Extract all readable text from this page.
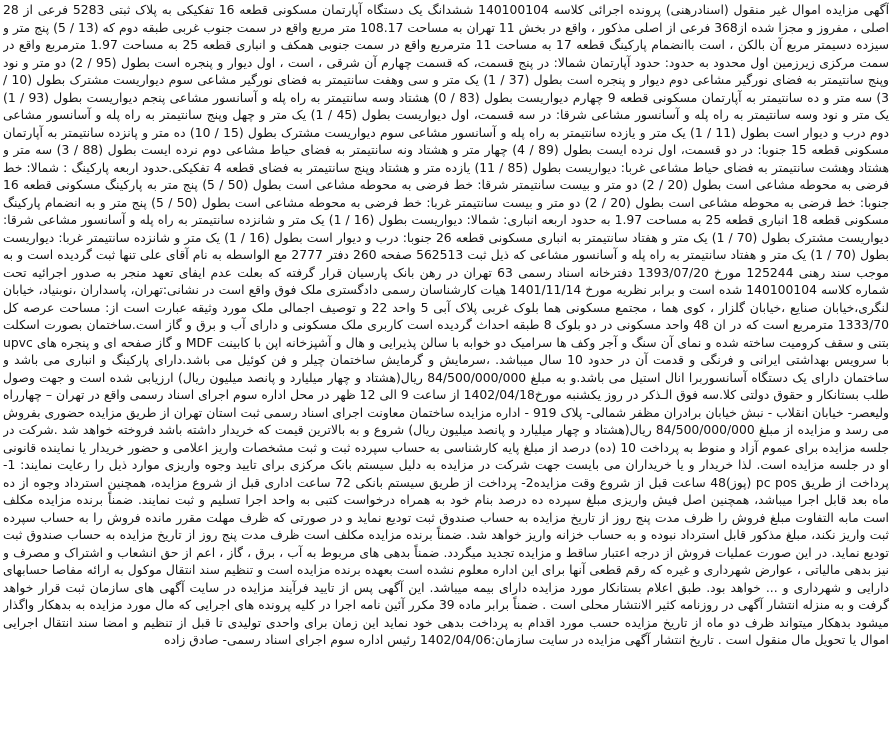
آگهی مزایده اموال غیر منقول (اسنادرهنی) پرونده اجرائی کلاسه 140100104 ششدانگ یک دستگاه آپارتمان مسکونی قطعه 16 تفکیکی به پلاک ثبتی 5283 فرعی از 28 اصلی ، مفروز و مجزا شده از368 فرعی از اصلی مذکور ، واقع در بخش 11 تهران به مساحت 108.17 متر مربع واقع در سمت جنوب غربی طبقه دوم که (13 / 5) پنج متر و سیزده دسیمتر مربع آن بالکن ، است باانضمام پارکینگ قطعه 17 به مساحت 11 مترمربع واقع در سمت جنوبی همکف و انباری قطعه 25 به مساحت 1.97 مترمربع واقع در سمت مرکزی زیرزمین اول محدود به حدود: حدود آپارتمان شمالا: در پنج قسمت، که قسمت چهارم آن شرقی ، است ، اول دیوار و پنجره است بطول (95 / 2) دو متر و نود وپنج سانتیمتر به فضای نورگیر مشاعی دوم دیوار و پنجره است بطول (37 / 1) یک متر و سی وهفت سانتیمتر به فضای نورگیر مشاعی سوم دیواریست مشترک بطول (10 / 3) سه متر و ده سانتیمتر به آپارتمان مسکونی قطعه 9 چهارم دیواریست بطول (83 / 0) هشتاد وسه سانتیمتر به راه پله و آسانسور مشاعی پنجم دیواریست بطول (93 / 1) یک متر و نود وسه سانتیمتر به راه پله و آسانسور مشاعی شرقا: در سه قسمت، اول دیواریست بطول (45 / 1) یک متر و چهل وپنج سانتیمتر به راه پله و آسانسور مشاعی دوم درب و دیوار است بطول (11 / 1) یک متر و یازده سانتیمتر به راه پله و آسانسور مشاعی سوم دیواریست مشترک بطول (15 / 10) ده متر و پانزده سانتیمتر به آپارتمان مسکونی قطعه 15 جنوبا: در دو قسمت، اول نرده ایست بطول (89 / 4) چهار متر و هشتاد ونه سانتیمتر به فضای حیاط مشاعی دوم نرده ایست بطول (88 / 3) سه متر و هشتاد وهشت سانتیمتر به فضای حیاط مشاعی غربا: دیواریست بطول (85 / 11) یازده متر و هشتاد وپنج سانتیمتر به فضای قطعه 4 تفکیکی.حدود اربعه پارکینگ : شمالا: خط فرضی به محوطه مشاعی است بطول (20 / 2) دو متر و بیست سانتیمتر شرقا: خط فرضی به محوطه مشاعی است بطول (50 / 5) پنج متر به پارکینگ مسکونی قطعه 16 جنوبا: خط فرضی به محوطه مشاعی است بطول (20 / 2) دو متر و بیست سانتیمتر غربا: خط فرضی به محوطه مشاعی است بطول (50 / 5) پنج متر و به انضمام پارکینگ مسکونی قطعه 18 انباری قطعه 25 به مساحت 1.97 به حدود اربعه انباری: شمالا: دیواریست بطول (16 / 1) یک متر و شانزده سانتیمتر به راه پله و آسانسور مشاعی شرقا: دیواریست مشترک بطول (70 / 1) یک متر و هفتاد سانتیمتر به انباری مسکونی قطعه 26 جنوبا: درب و دیوار است بطول (16 / 1) یک متر و شانزده سانتیمتر غربا: دیواریست بطول (70 / 1) یک متر و هفتاد سانتیمتر به راه پله و آسانسور مشاعی که ذیل ثبت 562513 صفحه 260 دفتر 2777 مع الواسطه به نام آقای علی تنها ثبت گردیده است و به موجب سند رهنی 125244 مورخ 1393/07/20 دفترخانه اسناد رسمی 63 تهران در رهن بانک پارسیان قرار گرفته که بعلت عدم ایفای تعهد منجر به صدور اجرائیه تحت شماره کلاسه 140100104 شده است و برابر نظریه مورخ 1401/11/14 هیات کارشناسان رسمی دادگستری ملک فوق واقع است در نشانی:تهران، پاسداران ،نوبنیاد، خیابان لنگری،خیابان صنایع ،خیابان گلزار ، کوی هما ، مجتمع مسکونی هما بلوک غربی پلاک آبی 5 واحد 22 و توصیف اجمالی ملک مورد وثیقه عبارت است از: مساحت عرصه کل 1333/70 مترمربع است که در ان 48 واحد مسکونی در دو بلوک 8 طبقه احداث گردیده است کاربری ملک مسکونی و دارای آب و برق و گاز است.ساختمان بصورت اسکلت بتنی و سقف کرومیت ساخته شده و نمای آن سنگ و آجر وکف ها سرامیک دو خوابه با سالن پذیرایی و هال و آشپزخانه اپن با کابینت MDF و گاز صفحه ای و پنجره های upvc با سرویس بهداشتی ایرانی و فرنگی و قدمت آن در حدود 10 سال میباشد. ،سرمایش و گرمایش ساختمان چیلر و فن کوئیل می باشد.دارای پارکینگ و انباری می باشد و ساختمان دارای یک دستگاه آسانسوربرا انال استیل می باشد.و به مبلغ 84/500/000/000 ریال(هشتاد و چهار میلیارد و پانصد میلیون ریال) ارزیابی شده است و جهت وصول طلب بستانکار و حقوق دولتی کلا.سه فوق الـذکر در روز یکشنبه مورخ1402/04/18 از ساعت 9 الی 12 ظهر در محل اداره سوم اجرای اسناد رسمی واقع در تهران – چهارراه ولیعصر- خیابان انقلاب - نبش خیابان برادران مظفر شمالی- پلاک 919 - اداره مزایده ساختمان معاونت اجرای اسناد رسمی ثبت استان تهران از طریق مزایده حضوری بفروش می رسد و مزایده از مبلغ 84/500/000/000 ریال(هشتاد و چهار میلیارد و پانصد میلیون ریال) شروع و به بالاترین قیمت که خریدار داشته باشد فروخته خواهد شد .شرکت در جلسه مزایده برای عموم آزاد و منوط به پرداخت 10 (ده) درصد از مبلغ پایه کارشناسی به حساب سپرده ثبت و ثبت مشخصات واریز اعلامی و حضور خریدار یا نماینده قانونی او در جلسه مزایده است. لذا خریدار و یا خریداران می بایست جهت شرکت در مزایده به دلیل سیستم بانک مرکزی برای تایید وجوه واریزی موارد ذیل را رعایت نمایند: 1- پرداخت از طریق pc pos (پوز)48 ساعت قبل از شروع وقت مزایده2- پرداخت از طریق سیستم بانکی 72 ساعت اداری قبل از شروع مزایده، همچنین استرداد وجوه از ده ماه بعد قابل اجرا میباشد، همچنین اصل فیش واریزی مبلغ سپرده ده درصد بنام خود به همراه درخواست کتبی به واحد اجرا تسلیم و ثبت نمایند. ضمناً برنده مزایده مکلف است مابه التفاوت مبلغ فروش را ظرف مدت پنج روز از تاریخ مزایده به حساب صندوق ثبت تودیع نماید و در صورتی که ظرف مهلت مقرر مانده فروش را به حساب سپرده ثبت واریز نکند، مبلغ مذکور قابل استرداد نبوده و به حساب خزانه واریز خواهد شد. ضمناً برنده مزایده مکلف است ظرف مدت پنج روز از تاریخ مزایده به حساب صندوق ثبت تودیع نماید. در این صورت عملیات فروش از درجه اعتبار ساقط و مزایده تجدید میگردد. ضمناً بدهی های مربوط به آب ، برق ، گاز ، اعم از حق انشعاب و اشتراک و مصرف و نیز بدهی مالیاتی ، عوارض شهرداری و غیره که رقم قطعی آنها برای این اداره معلوم نشده است بعهده برنده مزایده است و تنظیم سند انتقال موکول به ارائه مفاصا حسابهای دارایی و شهرداری و ... خواهد بود. طبق اعلام بستانکار مورد مزایده دارای بیمه میباشد. این آگهی پس از تایید فرآیند مزایده در سایت آگهی های سازمان ثبت قرار خواهد گرفت و به منزله انتشار آگهی در روزنامه کثیر الانتشار محلی است . ضمناً برابر ماده 39 مکرر آئین نامه اجرا در کلیه پرونده های اجرایی که مال مورد مزایده به بدهکار واگذار میشود بدهکار میتواند ظرف دو ماه از تاریخ مزایده حسب مورد اقدام به پرداخت بدهی خود نماید این زمان برای واحدی تولیدی تا قبل از تنظیم و امضا سند انتقال اجرایی اموال یا تحویل مال منقول است . تاریخ انتشار آگهی مزایده در سایت سازمان:1402/04/06 رئیس اداره سوم اجرای اسناد رسمی- صادق زاده
